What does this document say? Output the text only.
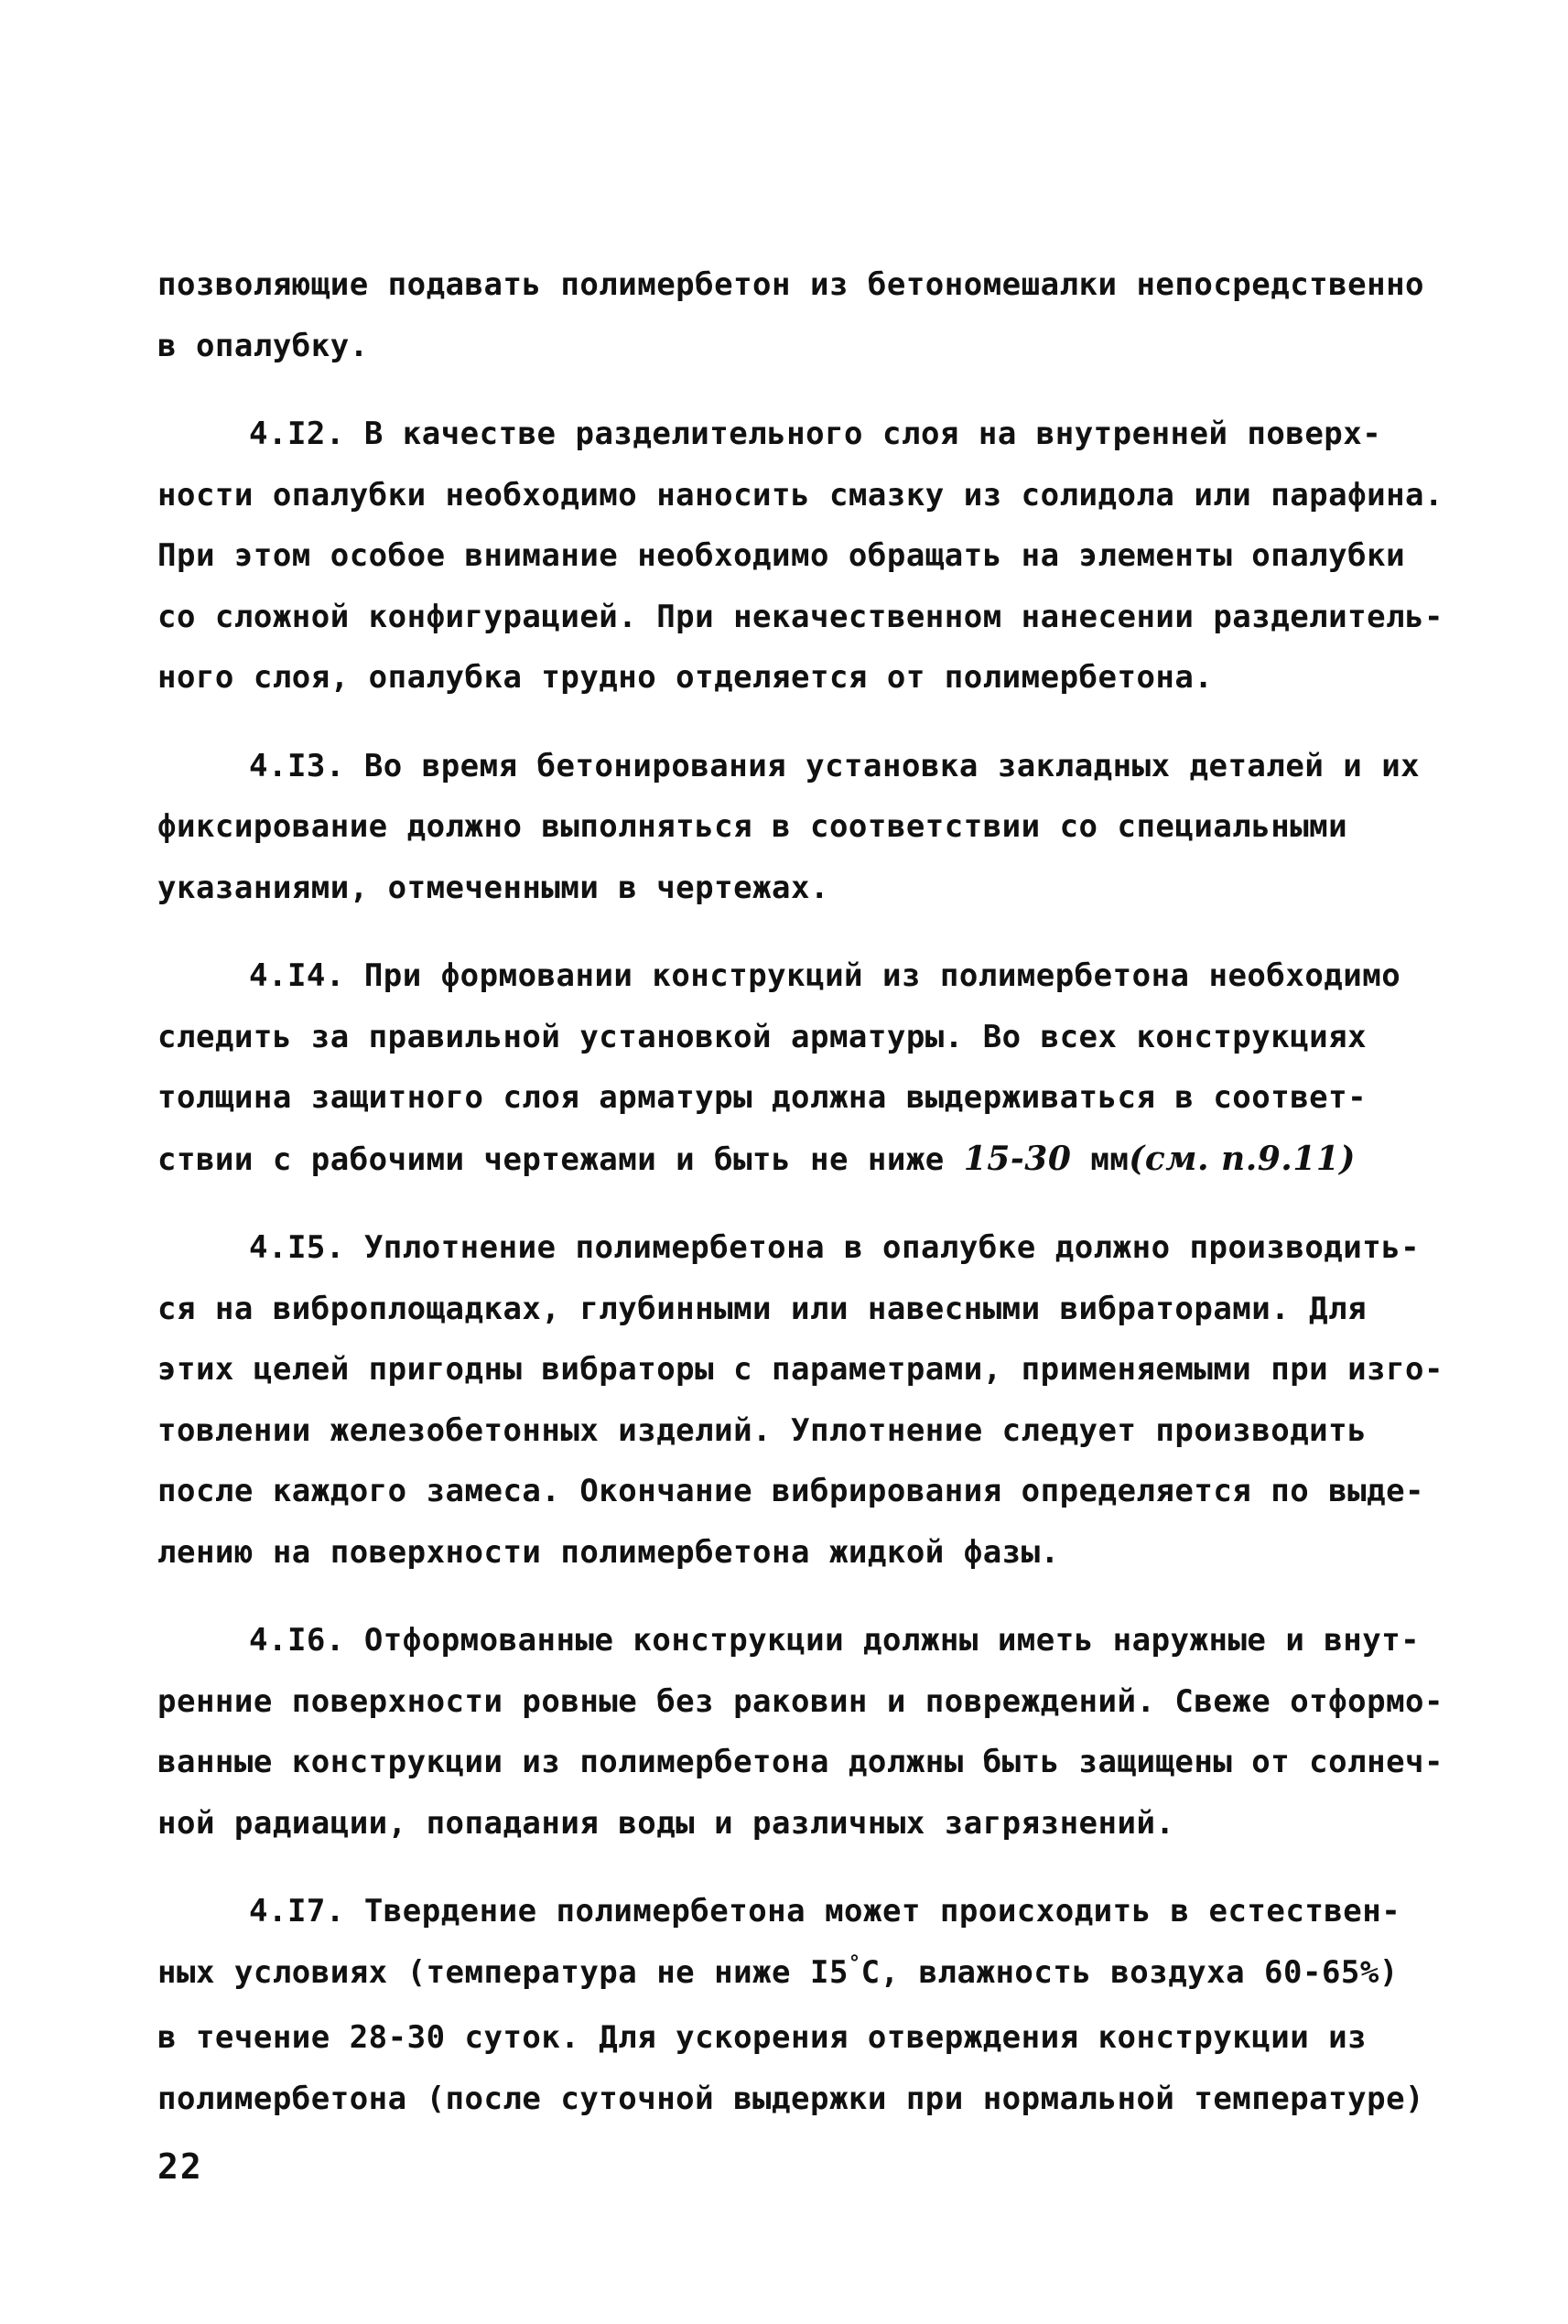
позволяющие подавать полимербетон из бетономешалки непосредственно
в опалубку.

4.I2. В качестве разделительного слоя на внутренней поверх-
ности опалубки необходимо наносить смазку из солидола или парафина.
При этом особое внимание необходимо обращать на элементы опалубки
со сложной конфигурацией. При некачественном нанесении разделитель-
ного слоя, опалубка трудно отделяется от полимербетона.

4.I3. Во время бетонирования установка закладных деталей и их
фиксирование должно выполняться в соответствии со специальными
указаниями, отмеченными в чертежах.

4.I4. При формовании конструкций из полимербетона необходимо
следить за правильной установкой арматуры. Во всех конструкциях
толщина защитного слоя арматуры должна выдерживаться в соответ-
ствии с рабочими чертежами и быть не ниже 15-30 мм(см. п.9.11)

4.I5. Уплотнение полимербетона в опалубке должно производить-
ся на виброплощадках, глубинными или навесными вибраторами. Для
этих целей пригодны вибраторы с параметрами, применяемыми при изго-
товлении железобетонных изделий. Уплотнение следует производить
после каждого замеса. Окончание вибрирования определяется по выде-
лению на поверхности полимербетона жидкой фазы.

4.I6. Отформованные конструкции должны иметь наружные и внут-
ренние поверхности ровные без раковин и повреждений. Свеже отформо-
ванные конструкции из полимербетона должны быть защищены от солнеч-
ной радиации, попадания воды и различных загрязнений.

4.I7. Твердение полимербетона может происходить в естествен-
ных условиях (температура не ниже I5°С, влажность воздуха 60-65%)
в течение 28-30 суток. Для ускорения отверждения конструкции из
полимербетона (после суточной выдержки при нормальной температуре)

22
